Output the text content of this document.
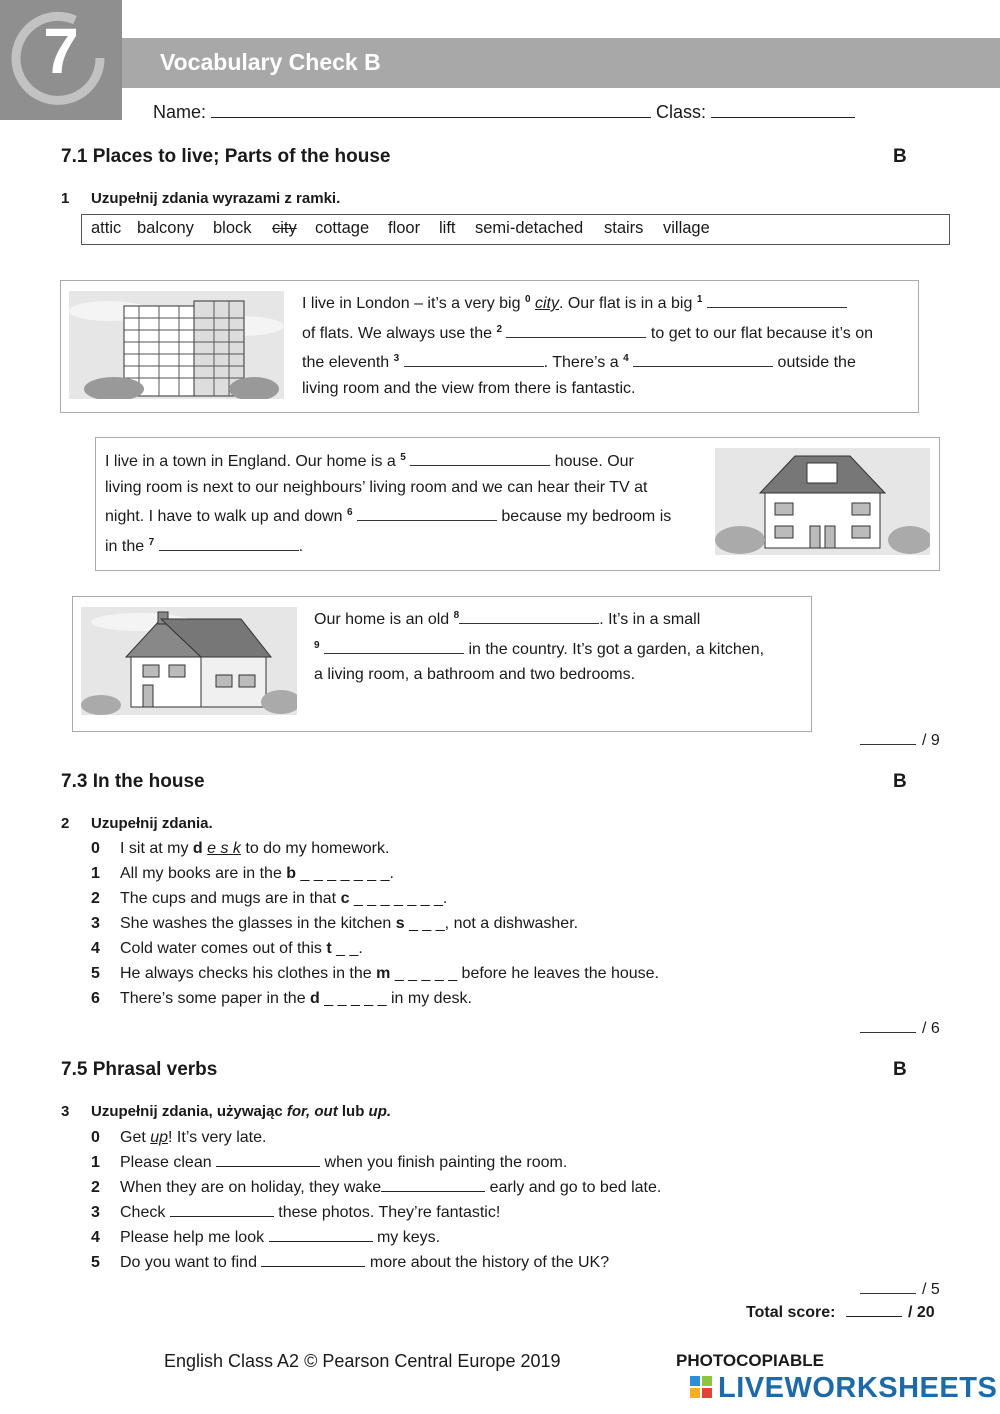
7	Vocabulary Check B
Name:	Class:
7.1 Places to live; Parts of the house	B
1 Uzupełnij zdania wyrazami z ramki.
attic balcony block city cottage floor lift semi-detached stairs village
I live in London – it’s a very big $^0$ city. Our flat is in a big $^1$
of flats. We always use the $^2$	to get to our flat because it’s on
the eleventh $^3$	. There’s a $^4$	outside the
living room and the view from there is fantastic.
I live in a town in England. Our home is a $^5$	house. Our
living room is next to our neighbours’ living room and we can hear their TV at
night. I have to walk up and down $^6$	because my bedroom is
in the $^7$	.
Our home is an old $^8$	. It’s in a small
$^9$	in the country. It’s got a garden, a kitchen,
a living room, a bathroom and two bedrooms.
/ 9
7.3 In the house	B
2 Uzupełnij zdania.
0 I sit at my d e s k to do my homework.
1 All my books are in the b _ _ _ _ _ _ _.
2 The cups and mugs are in that c _ _ _ _ _ _ _.
3 She washes the glasses in the kitchen s _ _ _, not a dishwasher.
4 Cold water comes out of this t _ _.
5 He always checks his clothes in the m _ _ _ _ _ before he leaves the house.
6 There’s some paper in the d _ _ _ _ _ in my desk.
/ 6
7.5 Phrasal verbs	B
3 Uzupełnij zdania, używając for, out lub up.
0 Get up! It’s very late.
1 Please clean	when you finish painting the room.
2 When they are on holiday, they wake	early and go to bed late.
3 Check	these photos. They’re fantastic!
4 Please help me look	my keys.
5 Do you want to find	more about the history of the UK?
/ 5
Total score:	/ 20
English Class A2 © Pearson Central Europe 2019	PHOTOCOPIABLE
LIVEWORKSHEETS
